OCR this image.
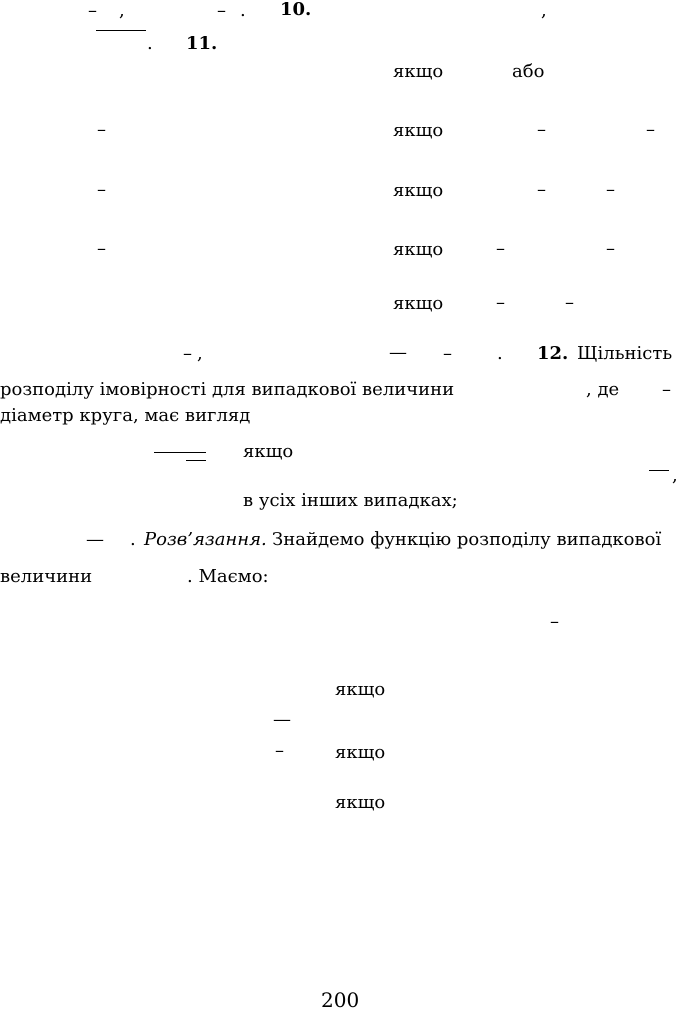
– ,	– . 10.	,
. 11.
якщо	або
–	якщо	–	–
–	якщо	–	–
–	якщо	–	–
якщо	–	–
– ,	— –	. 12. Щільність
розподілу імовірності для випадкової величини	, де –
діаметр круга, має вигляд
якщо
,
в усіх інших випадках;
— . Розв’язання. Знайдемо функцію розподілу випадкової
величини	. Маємо:
–
якщо
—
–	якщо
якщо
200
